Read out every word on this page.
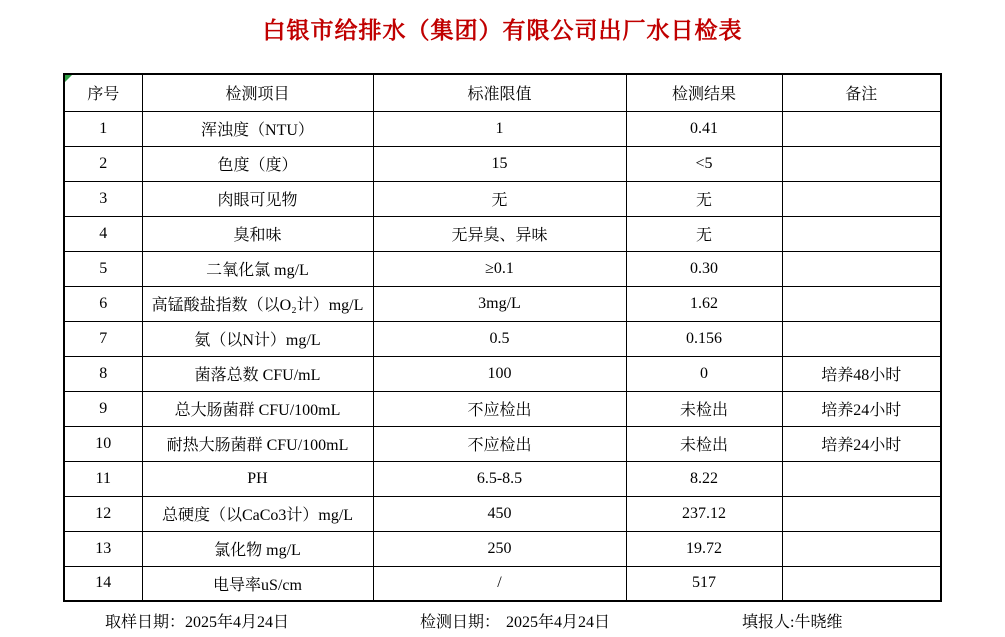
白银市给排水（集团）有限公司出厂水日检表
序号	检测项目	标准限值	检测结果	备注
1	浑浊度（NTU）	1	0.41	
2	色度（度）	15	<5	
3	肉眼可见物	无	无	
4	臭和味	无异臭、异味	无	
5	二氧化氯 mg/L	≥0.1	0.30	
6	高锰酸盐指数（以O₂计）mg/L	3mg/L	1.62	
7	氨（以N计）mg/L	0.5	0.156	
8	菌落总数 CFU/mL	100	0	培养48小时
9	总大肠菌群 CFU/100mL	不应检出	未检出	培养24小时
10	耐热大肠菌群 CFU/100mL	不应检出	未检出	培养24小时
11	PH	6.5-8.5	8.22	
12	总硬度（以CaCo3计）mg/L	450	237.12	
13	氯化物 mg/L	250	19.72	
14	电导率uS/cm	/	517	
取样日期：2025年4月24日	检测日期： 2025年4月24日	填报人:牛晓维
